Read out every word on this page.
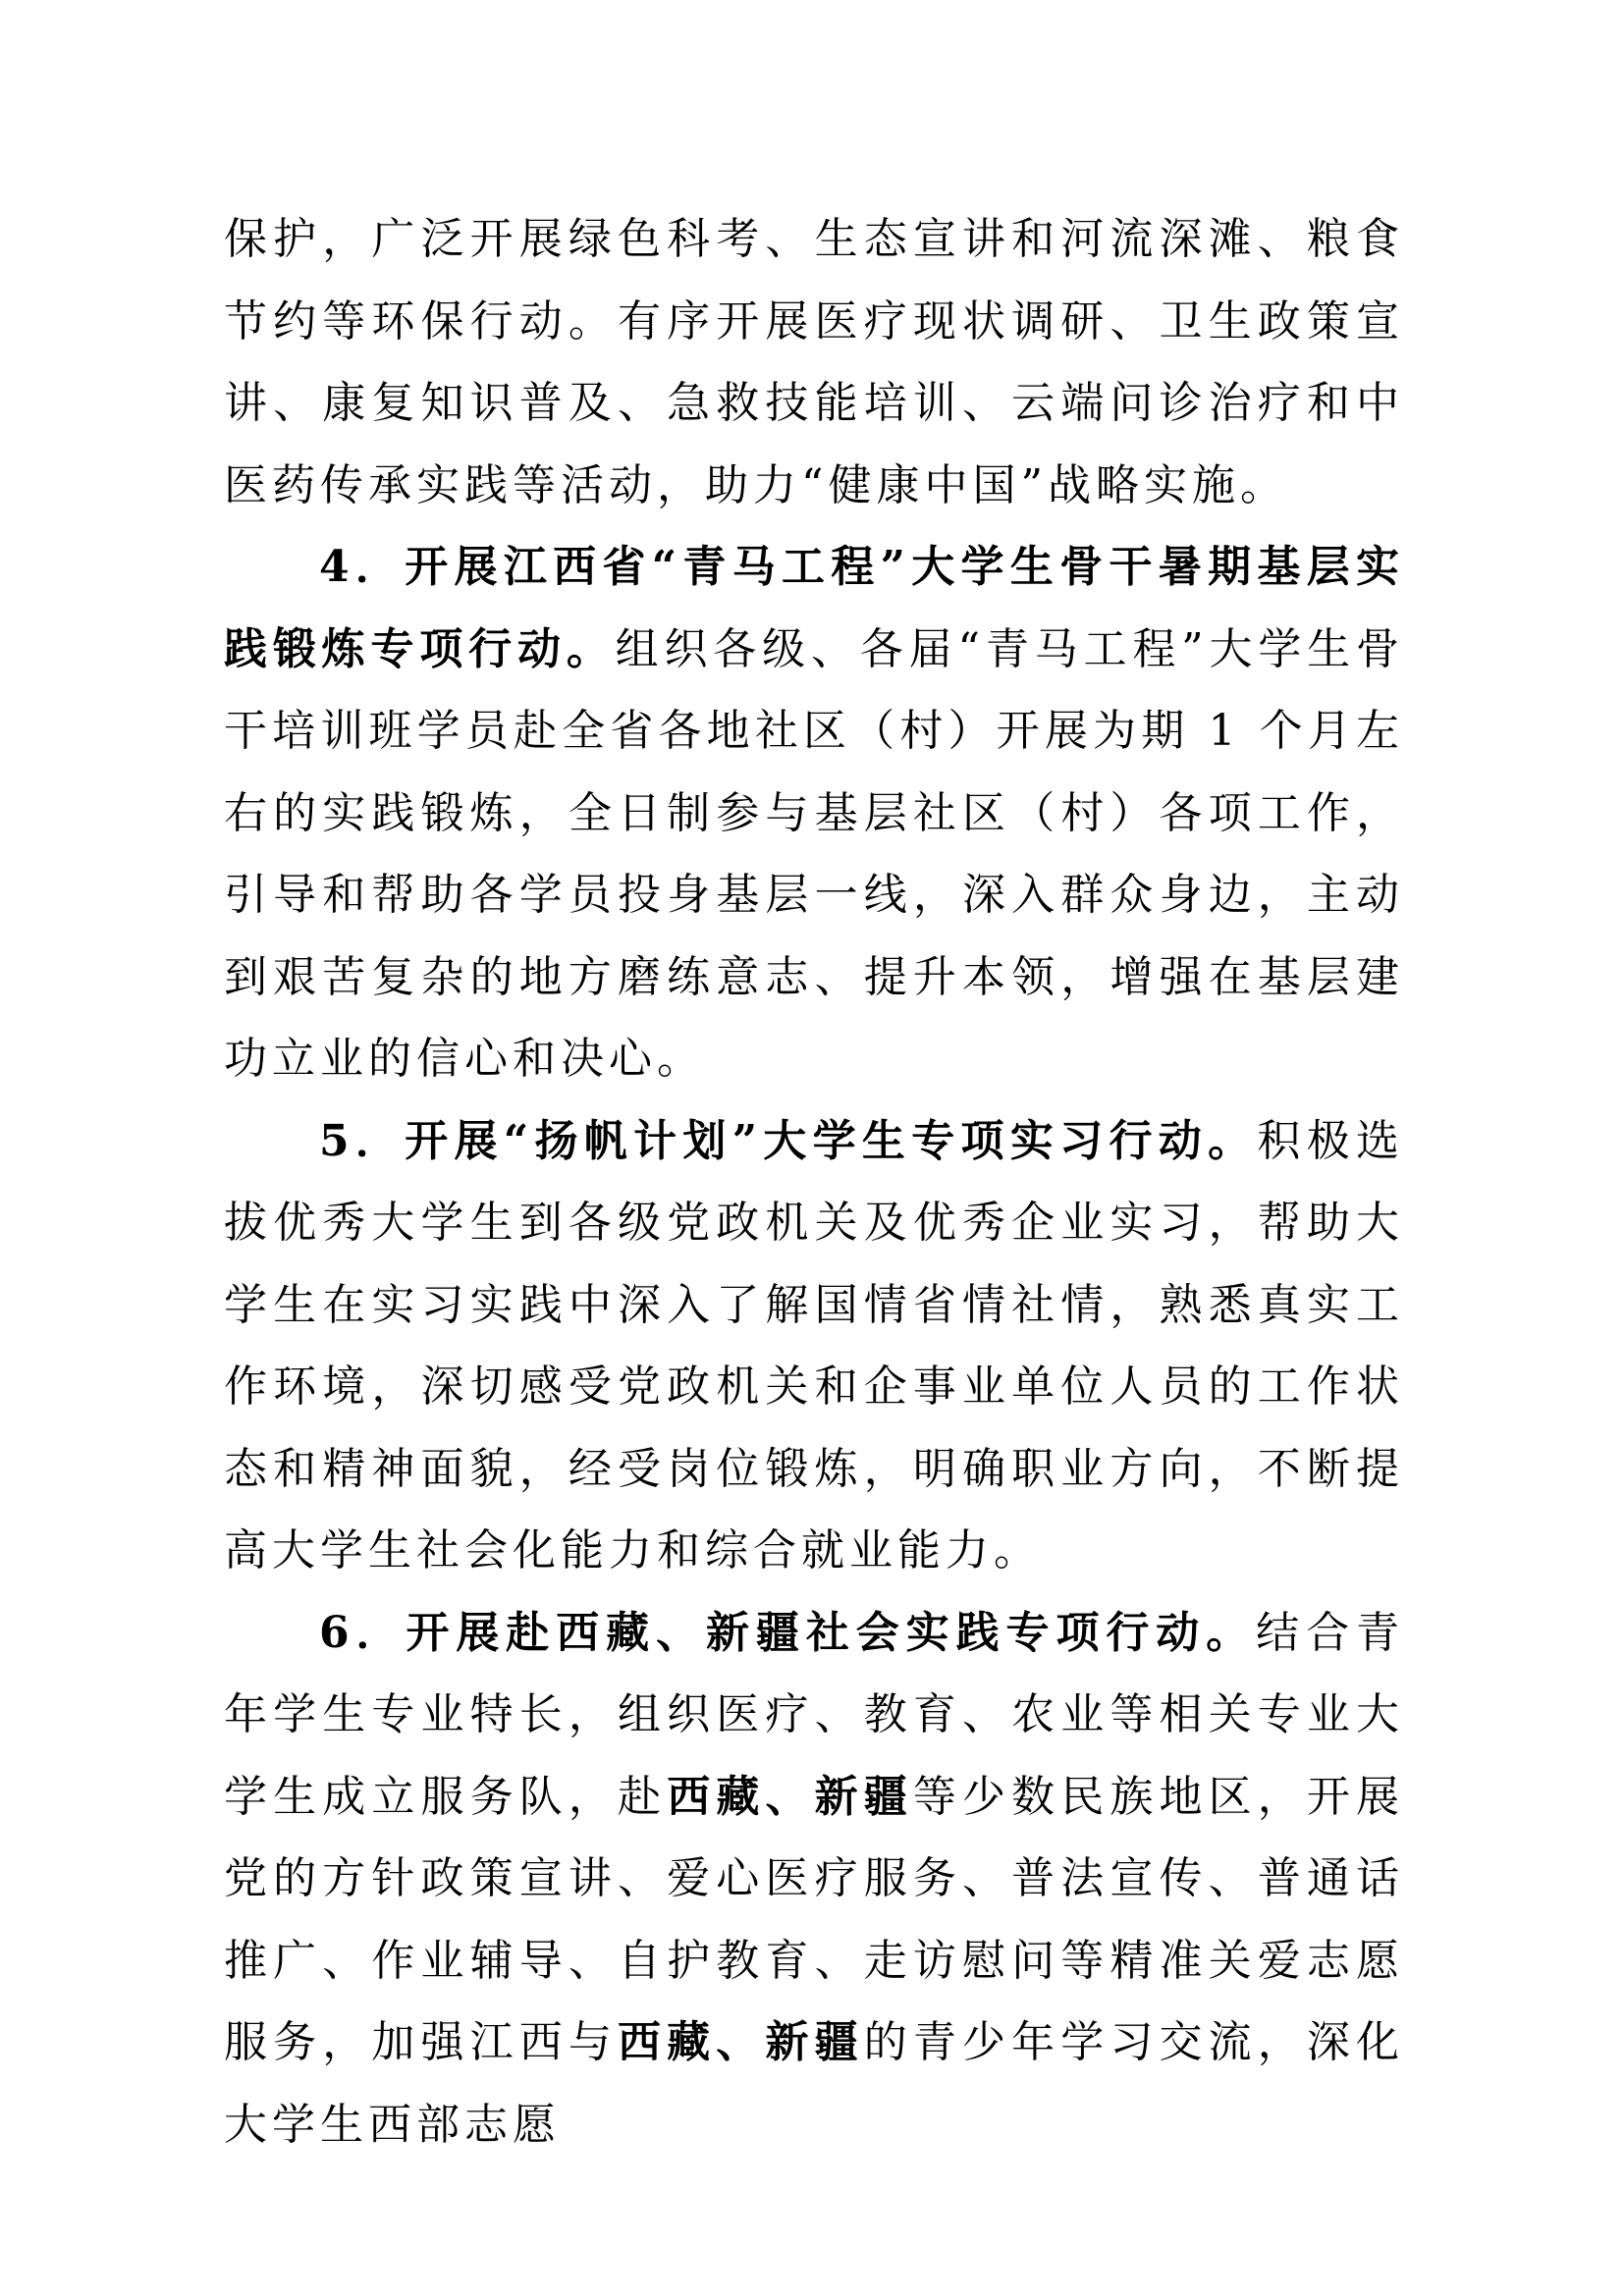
保护，广泛开展绿色科考、生态宣讲和河流深滩、粮食节约等环保行动。有序开展医疗现状调研、卫生政策宣讲、康复知识普及、急救技能培训、云端问诊治疗和中医药传承实践等活动，助力“健康中国”战略实施。

4．开展江西省“青马工程”大学生骨干暑期基层实践锻炼专项行动。组织各级、各届“青马工程”大学生骨干培训班学员赴全省各地社区（村）开展为期 1 个月左右的实践锻炼，全日制参与基层社区（村）各项工作，引导和帮助各学员投身基层一线，深入群众身边，主动到艰苦复杂的地方磨练意志、提升本领，增强在基层建功立业的信心和决心。

5．开展“扬帆计划”大学生专项实习行动。积极选拔优秀大学生到各级党政机关及优秀企业实习，帮助大学生在实习实践中深入了解国情省情社情，熟悉真实工作环境，深切感受党政机关和企事业单位人员的工作状态和精神面貌，经受岗位锻炼，明确职业方向，不断提高大学生社会化能力和综合就业能力。

6．开展赴西藏、新疆社会实践专项行动。结合青年学生专业特长，组织医疗、教育、农业等相关专业大学生成立服务队，赴西藏、新疆等少数民族地区，开展党的方针政策宣讲、爱心医疗服务、普法宣传、普通话推广、作业辅导、自护教育、走访慰问等精准关爱志愿服务，加强江西与西藏、新疆的青少年学习交流，深化大学生西部志愿
